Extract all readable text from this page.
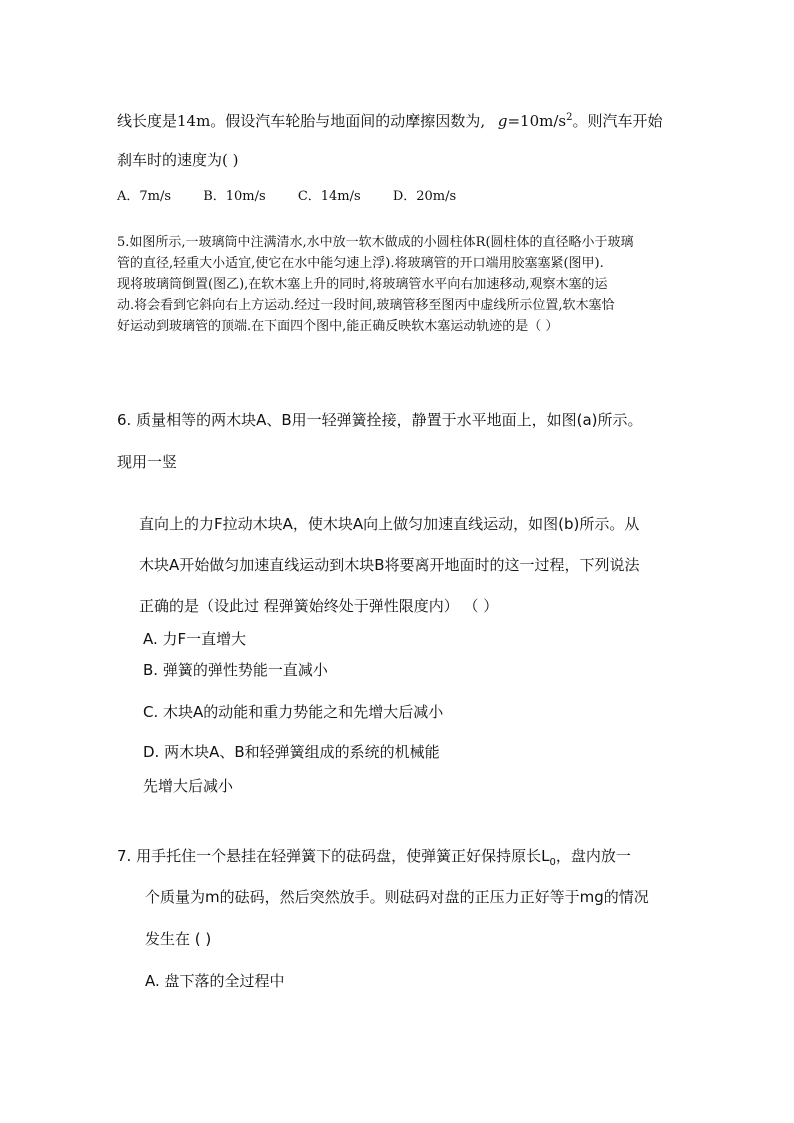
线长度是14m。假设汽车轮胎与地面间的动摩擦因数为, $g=10m/s^2$。则汽车开始
刹车时的速度为( )
A．7m/s B．10m/s C．14m/s D．20m/s
5.如图所示,一玻璃筒中注满清水,水中放一软木做成的小圆柱体R(圆柱体的直径略小于玻璃
管的直径,轻重大小适宜,使它在水中能匀速上浮).将玻璃管的开口端用胶塞塞紧(图甲).
现将玻璃筒倒置(图乙),在软木塞上升的同时,将玻璃管水平向右加速移动,观察木塞的运
动.将会看到它斜向右上方运动.经过一段时间,玻璃管移至图丙中虚线所示位置,软木塞恰
好运动到玻璃管的顶端.在下面四个图中,能正确反映软木塞运动轨迹的是（ ）
6. 质量相等的两木块A、B用一轻弹簧拴接，静置于水平地面上，如图(a)所示。
现用一竖
直向上的力F拉动木块A，使木块A向上做匀加速直线运动，如图(b)所示。从
木块A开始做匀加速直线运动到木块B将要离开地面时的这一过程，下列说法
正确的是（设此过 程弹簧始终处于弹性限度内） （ ）
A. 力F一直增大
B. 弹簧的弹性势能一直减小
C. 木块A的动能和重力势能之和先增大后减小
D. 两木块A、B和轻弹簧组成的系统的机械能
先增大后减小
7. 用手托住一个悬挂在轻弹簧下的砝码盘，使弹簧正好保持原长$L_0$，盘内放一
个质量为m的砝码，然后突然放手。则砝码对盘的正压力正好等于mg的情况
发生在 ( )
A. 盘下落的全过程中
